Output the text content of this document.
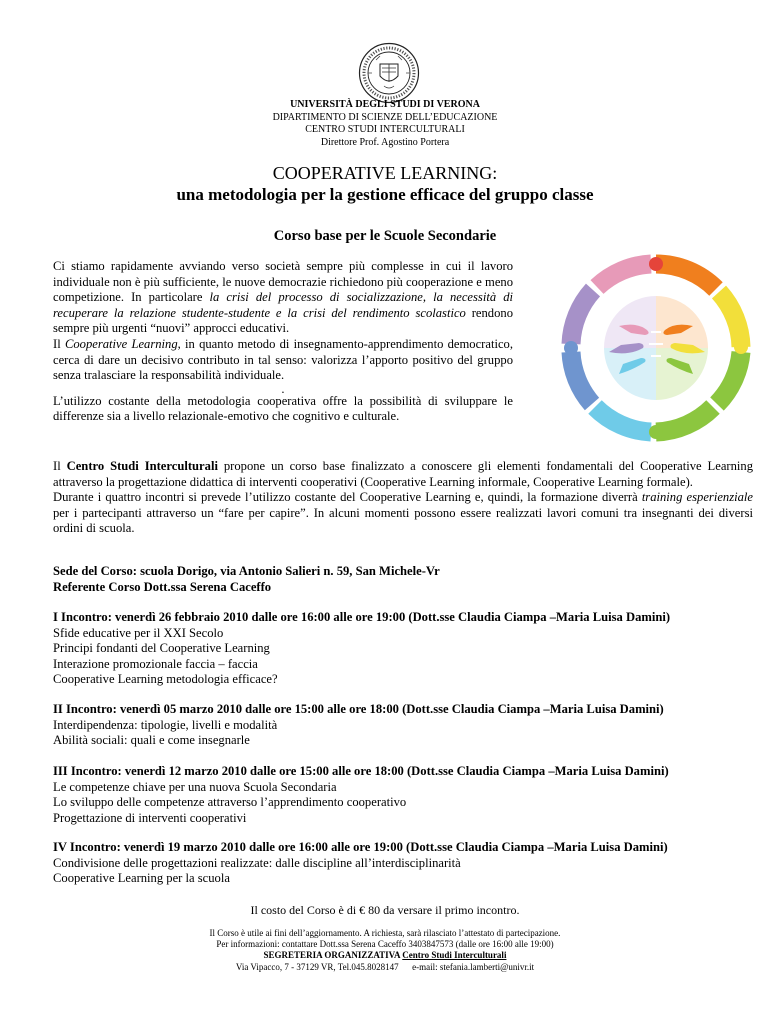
UNIVERSITÀ DEGLI STUDI DI VERONA
DIPARTIMENTO DI SCIENZE DELL’EDUCAZIONE
CENTRO STUDI INTERCULTURALI
Direttore Prof. Agostino Portera
COOPERATIVE LEARNING:
una metodologia per la gestione efficace del gruppo classe
Corso base per le Scuole Secondarie

Ci stiamo rapidamente avviando verso società sempre più complesse in cui il lavoro individuale non è più sufficiente, le nuove democrazie richiedono più cooperazione e meno competizione. In particolare la crisi del processo di socializzazione, la necessità di recuperare la relazione studente-studente e la crisi del rendimento scolastico rendono sempre più urgenti “nuovi” approcci educativi.

Il Cooperative Learning, in quanto metodo di insegnamento-apprendimento democratico, cerca di dare un decisivo contributo in tal senso: valorizza l’apporto positivo del gruppo senza tralasciare la responsabilità individuale.

.

L’utilizzo costante della metodologia cooperativa offre la possibilità di sviluppare le differenze sia a livello relazionale-emotivo che cognitivo e culturale.

Il Centro Studi Interculturali propone un corso base finalizzato a conoscere gli elementi fondamentali del Cooperative Learning attraverso la progettazione didattica di interventi cooperativi (Cooperative Learning informale, Cooperative Learning formale).

Durante i quattro incontri si prevede l’utilizzo costante del Cooperative Learning e, quindi, la formazione diverrà training esperienziale per i partecipanti attraverso un “fare per capire”. In alcuni momenti possono essere realizzati lavori comuni tra insegnanti dei diversi ordini di scuola.

Sede del Corso: scuola Dorigo, via Antonio Salieri n. 59, San Michele-Vr
Referente Corso Dott.ssa Serena Caceffo
I Incontro: venerdì 26 febbraio 2010 dalle ore 16:00 alle ore 19:00 (Dott.sse Claudia Ciampa –Maria Luisa Damini)
Sfide educative per il XXI Secolo
Principi fondanti del Cooperative Learning
Interazione promozionale faccia – faccia
Cooperative Learning metodologia efficace?
II Incontro: venerdì 05 marzo 2010 dalle ore 15:00 alle ore 18:00 (Dott.sse Claudia Ciampa –Maria Luisa Damini)
Interdipendenza: tipologie, livelli e modalità
Abilità sociali: quali e come insegnarle
III Incontro: venerdì 12 marzo 2010 dalle ore 15:00 alle ore 18:00 (Dott.sse Claudia Ciampa –Maria Luisa Damini)
Le competenze chiave per una nuova Scuola Secondaria
Lo sviluppo delle competenze attraverso l’apprendimento cooperativo
Progettazione di interventi cooperativi
IV Incontro: venerdì 19 marzo 2010 dalle ore 16:00 alle ore 19:00 (Dott.sse Claudia Ciampa –Maria Luisa Damini)
Condivisione delle progettazioni realizzate: dalle discipline all’interdisciplinarità
Cooperative Learning per la scuola
Il costo del Corso è di € 80 da versare il primo incontro.
Il Corso è utile ai fini dell’aggiornamento. A richiesta, sarà rilasciato l’attestato di partecipazione.
Per informazioni: contattare Dott.ssa Serena Caceffo 3403847573 (dalle ore 16:00 alle 19:00)
SEGRETERIA ORGANIZZATIVA Centro Studi Interculturali
Via Vipacco, 7 - 37129 VR, Tel.045.8028147      e-mail: stefania.lamberti@univr.it
